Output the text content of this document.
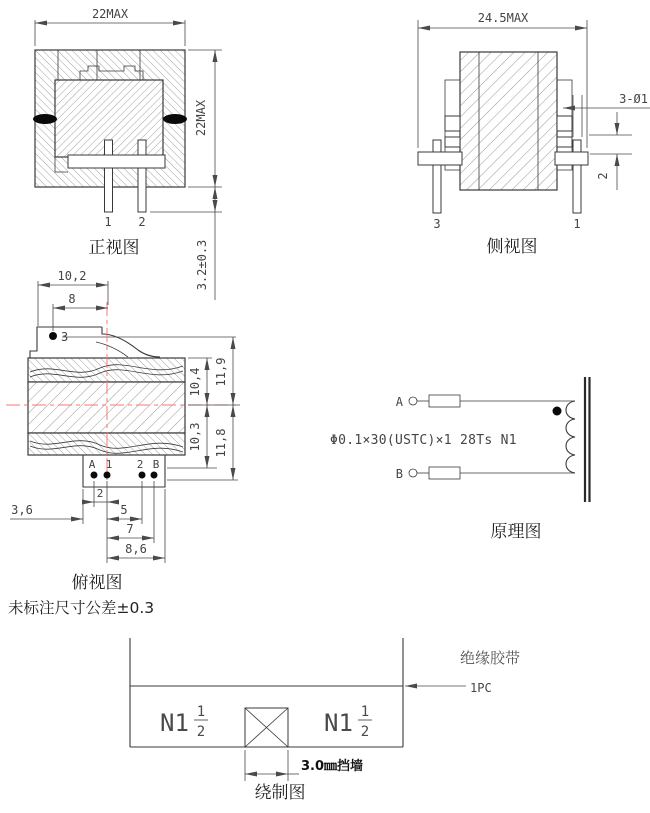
22MAX
22MAX
3.2±0.3
1 2
正视图
24.5MAX
3-Ø1
2
3	1
侧视图
3
A 1 2 B
10,2
8
10,4 11,9
10,3 11,8
2
3,6	5
7
8,6
俯视图
未标注尺寸公差±0.3
A
B
Φ0.1×30(USTC)×1 28Ts N1
原理图
N1 1
2	N1 1
2
绝缘胶带
1PC
3.0㎜挡墙
绕制图
